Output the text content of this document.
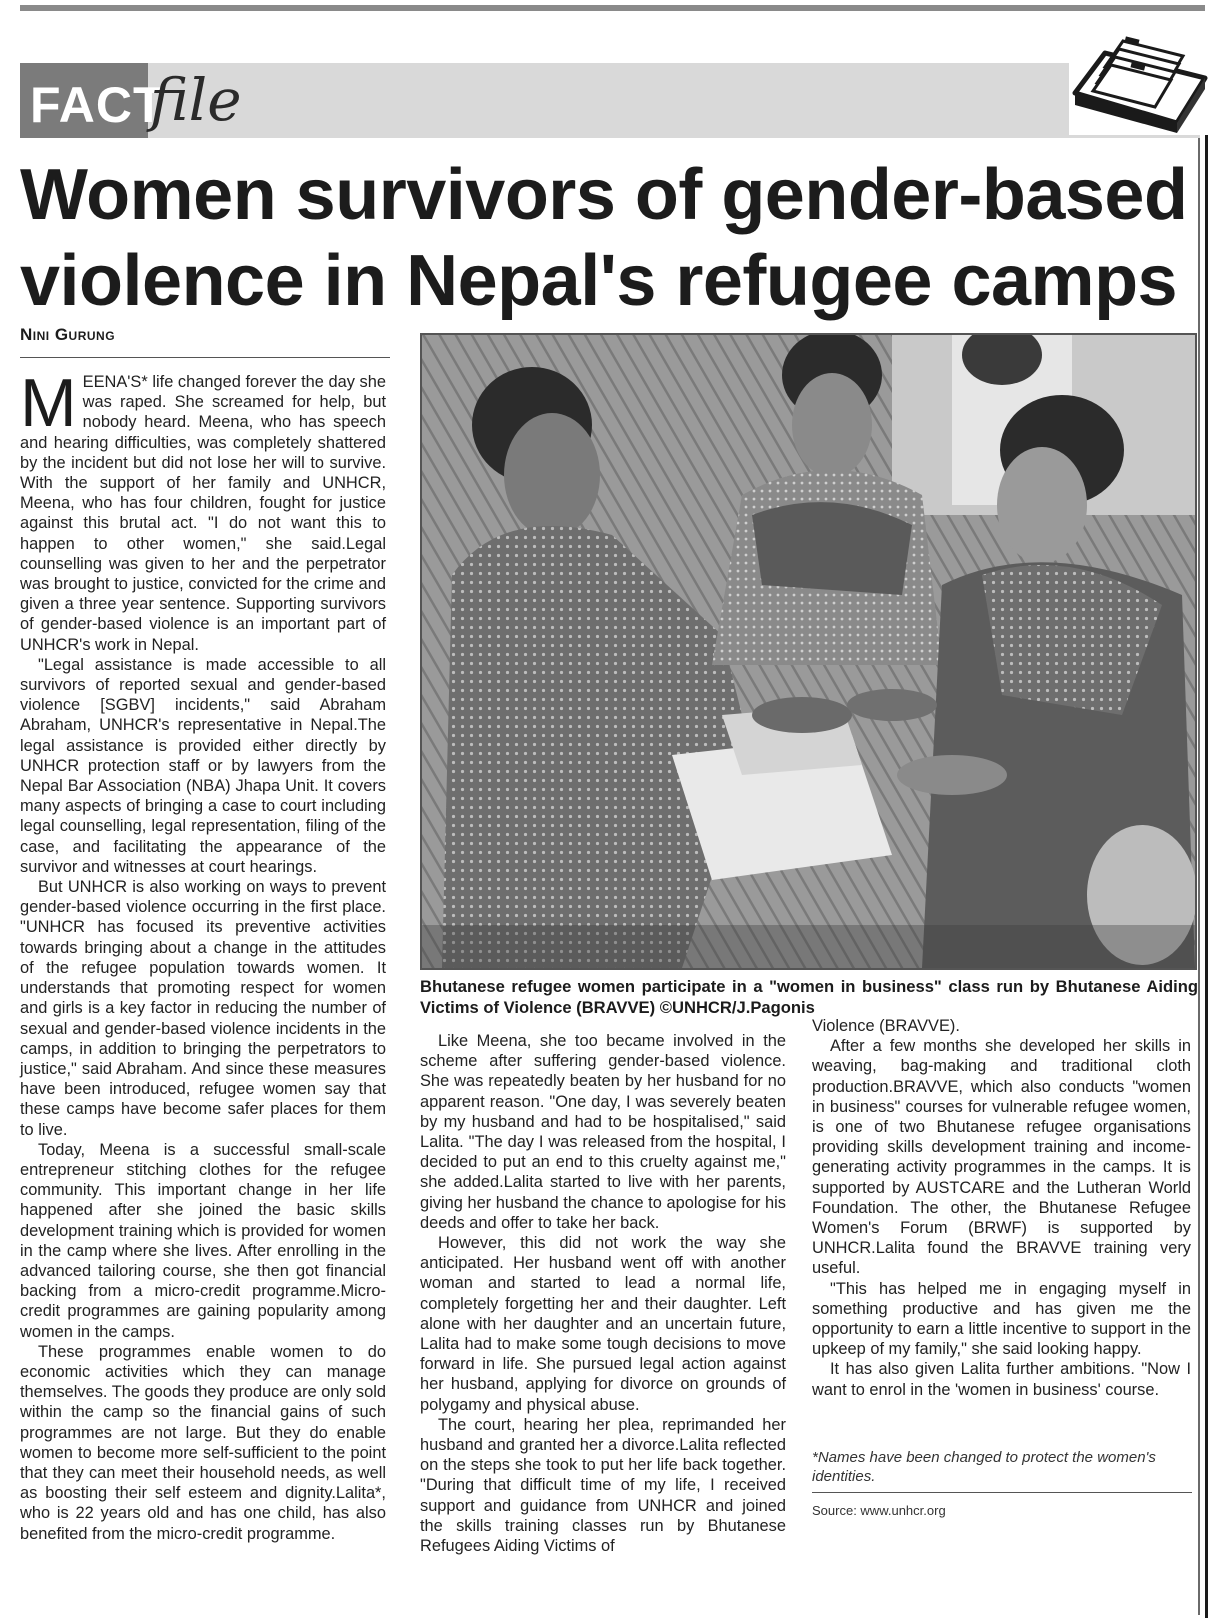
FACT
file
Women survivors of gender-based violence in Nepal's refugee camps
Nini Gurung

MEENA'S* life changed forever the day she was raped. She screamed for help, but nobody heard. Meena, who has speech and hearing difficulties, was completely shattered by the incident but did not lose her will to survive. With the support of her family and UNHCR, Meena, who has four children, fought for justice against this brutal act. "I do not want this to happen to other women," she said.Legal counselling was given to her and the perpetrator was brought to justice, convicted for the crime and given a three year sentence. Supporting survivors of gender-based violence is an important part of UNHCR's work in Nepal.

"Legal assistance is made accessible to all survivors of reported sexual and gender-based violence [SGBV] incidents," said Abraham Abraham, UNHCR's representative in Nepal.The legal assistance is provided either directly by UNHCR protection staff or by lawyers from the Nepal Bar Association (NBA) Jhapa Unit. It covers many aspects of bringing a case to court including legal counselling, legal representation, filing of the case, and facilitating the appearance of the survivor and witnesses at court hearings.

But UNHCR is also working on ways to prevent gender-based violence occurring in the first place. "UNHCR has focused its preventive activities towards bringing about a change in the attitudes of the refugee population towards women. It understands that promoting respect for women and girls is a key factor in reducing the number of sexual and gender-based violence incidents in the camps, in addition to bringing the perpetrators to justice," said Abraham. And since these measures have been introduced, refugee women say that these camps have become safer places for them to live.

Today, Meena is a successful small-scale entrepreneur stitching clothes for the refugee community. This important change in her life happened after she joined the basic skills development training which is provided for women in the camp where she lives. After enrolling in the advanced tailoring course, she then got financial backing from a micro-credit programme.Micro-credit programmes are gaining popularity among women in the camps.

These programmes enable women to do economic activities which they can manage themselves. The goods they produce are only sold within the camp so the financial gains of such programmes are not large. But they do enable women to become more self-sufficient to the point that they can meet their household needs, as well as boosting their self esteem and dignity.Lalita*, who is 22 years old and has one child, has also benefited from the micro-credit programme.

Bhutanese refugee women participate in a "women in business" class run by Bhutanese Aiding Victims of Violence (BRAVVE) ©UNHCR/J.Pagonis

Like Meena, she too became involved in the scheme after suffering gender-based violence. She was repeatedly beaten by her husband for no apparent reason. "One day, I was severely beaten by my husband and had to be hospitalised," said Lalita. "The day I was released from the hospital, I decided to put an end to this cruelty against me," she added.Lalita started to live with her parents, giving her husband the chance to apologise for his deeds and offer to take her back.

However, this did not work the way she anticipated. Her husband went off with another woman and started to lead a normal life, completely forgetting her and their daughter. Left alone with her daughter and an uncertain future, Lalita had to make some tough decisions to move forward in life. She pursued legal action against her husband, applying for divorce on grounds of polygamy and physical abuse.

The court, hearing her plea, reprimanded her husband and granted her a divorce.Lalita reflected on the steps she took to put her life back together. "During that difficult time of my life, I received support and guidance from UNHCR and joined the skills training classes run by Bhutanese Refugees Aiding Victims of

Violence (BRAVVE).

After a few months she developed her skills in weaving, bag-making and traditional cloth production.BRAVVE, which also conducts "women in business" courses for vulnerable refugee women, is one of two Bhutanese refugee organisations providing skills development training and income-generating activity programmes in the camps. It is supported by AUSTCARE and the Lutheran World Foundation. The other, the Bhutanese Refugee Women's Forum (BRWF) is supported by UNHCR.Lalita found the BRAVVE training very useful.

"This has helped me in engaging myself in something productive and has given me the opportunity to earn a little incentive to support in the upkeep of my family," she said looking happy.

It has also given Lalita further ambitions. "Now I want to enrol in the 'women in business' course.

*Names have been changed to protect the women's identities.

Source: www.unhcr.org
